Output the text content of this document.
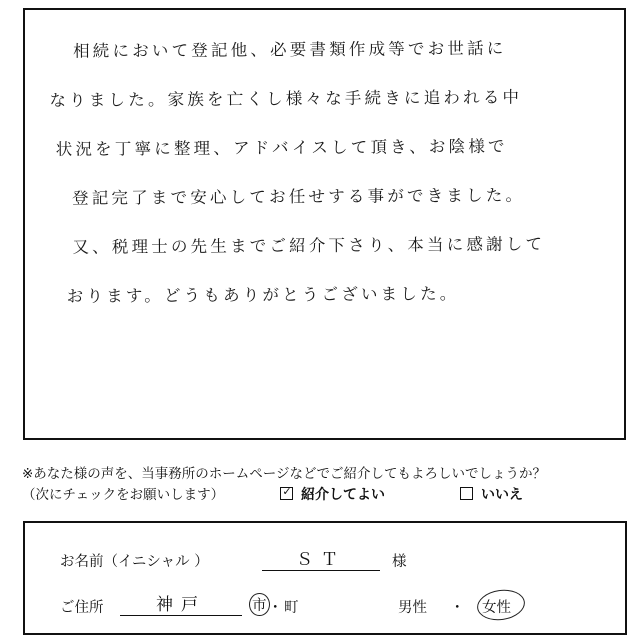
相続において登記他、必要書類作成等でお世話に
なりました。家族を亡くし様々な手続きに追われる中
状況を丁寧に整理、アドバイスして頂き、お陰様で
登記完了まで安心してお任せする事ができました。
又、税理士の先生までご紹介下さり、本当に感謝して
おります。どうもありがとうございました。
※あなた様の声を、当事務所のホームページなどでご紹介してもよろしいでしょうか？
（次にチェックをお願いします）	✓ 紹介してよい	いいえ
お名前（イニシャル ）	ＳＴ	様
ご住所	神戸	市 ・ 町	男性 ・ 女性
